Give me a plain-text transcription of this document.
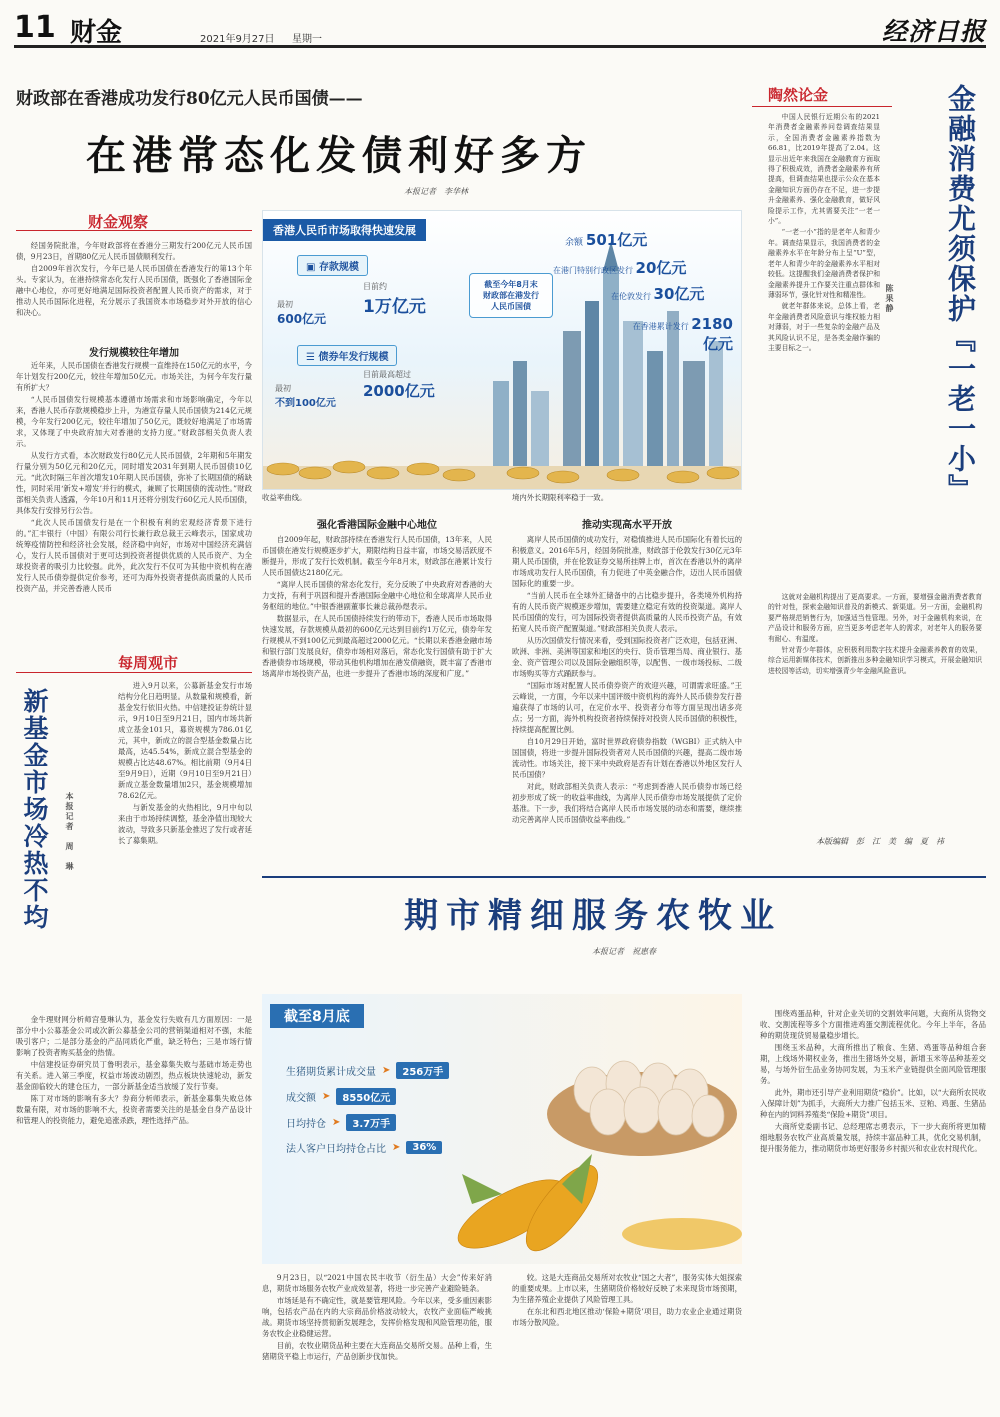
11 财金	2021年9月27日 星期一	经济日报
财政部在香港成功发行80亿元人民币国债——
在港常态化发债利好多方
本报记者　李华林
财金观察

经国务院批准，今年财政部将在香港分三期发行200亿元人民币国债，9月23日，首期80亿元人民币国债顺利发行。

自2009年首次发行，今年已是人民币国债在香港发行的第13个年头。专家认为，在港持续常态化发行人民币国债，既强化了香港国际金融中心地位，亦可更好地满足国际投资者配置人民币资产的需求，对于推动人民币国际化进程，充分展示了我国资本市场稳步对外开放的信心和决心。

发行规模较往年增加

近年来，人民币国债在香港发行规模一直维持在150亿元的水平，今年计划发行200亿元，较往年增加50亿元。市场关注，为何今年发行量有所扩大？

“人民币国债发行规模基本遵循市场需求和市场影响确定，今年以来，香港人民币存款规模稳步上升，为港宣存量人民币国债为214亿元规模，今年发行200亿元，较往年增加了50亿元，既较好地满足了市场需求，又体现了中央政府加大对香港的支持力度。”财政部相关负责人表示。

从发行方式看，本次财政发行80亿元人民币国债，2年期和5年期发行量分别为50亿元和20亿元，同时增发2031年到期人民币国债10亿元。“此次时隔三年首次增发10年期人民币国债，弥补了长期国债的稀缺性，同时采用‘新发+增发’并行的模式，兼顾了长期国债的流动性。”财政部相关负责人透露，今年10月和11月还将分别发行60亿元人民币国债，具体发行安排另行公告。

“此次人民币国债发行是在一个积极有利的宏观经济背景下进行的。”汇丰银行（中国）有限公司行长兼行政总裁王云峰表示，国家成功统筹疫情防控和经济社会发展，经济稳中向好，市场对中国经济充满信心，发行人民币国债对于更可达到投资者提供优质的人民币资产、为全球投资者的吸引力比较强。此外，此次发行不仅可为其他中资机构在港发行人民币债券提供定价参考，还可为海外投资者提供高质量的人民币投资产品，并完善香港人民币

香港人民币市场取得快速发展
▣ 存款规模
最初
600亿元
目前约
1万亿元
☰ 债券年发行规模
最初
不到100亿元
目前最高超过
2000亿元
截至今年8月末
财政部在港发行
人民币国债
余额 501亿元
在港门特别行政区发行 20亿元
在伦敦发行 30亿元
在香港累计发行 2180亿元
收益率曲线。	境内外长期限利率稳于一致。
强化香港国际金融中心地位

自2009年起，财政部持续在香港发行人民币国债，13年来，人民币国债在港发行规模逐步扩大，期限结构日益丰富，市场交易活跃度不断提升，形成了发行长效机制。截至今年8月末，财政部在港累计发行人民币国债达2180亿元。

“离岸人民币国债的常态化发行，充分反映了中央政府对香港的大力支持，有利于巩固和提升香港国际金融中心地位和全球离岸人民币业务枢纽的地位。”中银香港副董事长兼总裁孙煜表示。

数据显示，在人民币国债持续发行的带动下，香港人民币市场取得快速发展，存款规模从最初的600亿元达到目前约1万亿元，债券年发行规模从不到100亿元到最高超过2000亿元。“长期以来香港金融市场和银行部门发展良好，债券市场相对落后，常态化发行国债有助于扩大香港债券市场规模，带动其他机构增加在港发债融资，既丰富了香港市场离岸市场投资产品，也进一步提升了香港市场的深度和广度。”

推动实现高水平开放

离岸人民币国债的成功发行，对稳慎推进人民币国际化有着长远的积极意义。2016年5月，经国务院批准，财政部于伦敦发行30亿元3年期人民币国债，并在伦敦证券交易所挂牌上市，首次在香港以外的离岸市场成功发行人民币国债，有力促进了中英金融合作，迈出人民币国债国际化的重要一步。

“当前人民币在全球外汇储备中的占比稳步提升，各类境外机构持有的人民币资产规模逐步增加，需要建立稳定有效的投资渠道。离岸人民币国债的发行，可为国际投资者提供高质量的人民币投资产品，有效拓宽人民币资产配置渠道。”财政部相关负责人表示。

从历次国债发行情况来看，受到国际投资者广泛欢迎，包括亚洲、欧洲、非洲、美洲等国家和地区的央行、货币管理当局、商业银行、基金、资产管理公司以及国际金融组织等，以配售、一级市场投标、二级市场购买等方式踊跃参与。

“国际市场对配置人民币债券资产的欢迎兴趣，可谓需求旺盛。”王云峰说，一方面，今年以来中国评级中资机构的海外人民币债券发行普遍获得了市场的认可，在定价水平、投资者分布等方面呈现出诸多亮点；另一方面，海外机构投资者持续保持对投资人民币国债的积极性，持续提高配置比例。

自10月29日开始，富时世界政府债券指数（WGBI）正式纳入中国国债，将进一步提升国际投资者对人民币国债的兴趣，提高二级市场流动性。市场关注，接下来中央政府是否有计划在香港以外地区发行人民币国债？

对此，财政部相关负责人表示：“考虑到香港人民币债券市场已经初步形成了统一的收益率曲线，为离岸人民币债券市场发展提供了定价基准。下一步，我们将结合离岸人民币市场发展的动态和需要，继续推动完善离岸人民币国债收益率曲线。”

陶然论金	金融消费尤须保护『一老一小』
陈果静

中国人民银行近期公布的2021年消费者金融素养问卷调查结果显示，全国消费者金融素养指数为66.81，比2019年提高了2.04。这显示出近年来我国在金融教育方面取得了积极成效，消费者金融素养有所提高，但调查结果也提示公众在基本金融知识方面仍存在不足，进一步提升金融素养、强化金融教育，做好风险提示工作，尤其需要关注“一老一小”。

“一老一小”指的是老年人和青少年。调查结果显示，我国消费者的金融素养水平在年龄分布上呈“U”型，老年人和青少年的金融素养水平相对较低。这提醒我们金融消费者保护和金融素养提升工作要关注重点群体和薄弱环节，强化针对性和精准性。

就老年群体来说，总体上看，老年金融消费者风险意识与维权能力相对薄弱，对于一些复杂的金融产品及其风险认识不足，是各类金融诈骗的主要目标之一。

这就对金融机构提出了更高要求。一方面，要增强金融消费者教育的针对性，探索金融知识普及的新模式、新渠道。另一方面，金融机构要严格规范销售行为，加强适当性管理。另外，对于金融机构来说，在产品设计和服务方面，应当更多考虑老年人的需求，对老年人的服务要有耐心、有温度。

针对青少年群体，应积极利用数字技术提升金融素养教育的效果，综合运用新媒体技术，创新推出多种金融知识学习模式，开展金融知识进校园等活动，切实增强青少年金融风险意识。

本版编辑　彭　江　美　编　夏　祎
每周观市
新基金市场冷热不均 本报记者　周　琳

进入9月以来，公募新基金发行市场结构分化日趋明显。从数量和规模看，新基金发行依旧火热。中信建投证券统计显示，9月10日至9月21日，国内市场共新成立基金101只，募资规模为786.01亿元，其中，新成立的混合型基金数量占比最高，达45.54%，新成立混合型基金的规模占比达48.67%。相比前期（9月4日至9月9日），近期（9月10日至9月21日）新成立基金数量增加2只，基金规模增加78.62亿元。

与新发基金的火热相比，9月中旬以来由于市场持续调整，基金净值出现较大波动，导致多只新基金推迟了发行或者延长了募集期。

金牛理财网分析师宫曼琳认为，基金发行失败有几方面原因：一是部分中小公募基金公司或次新公募基金公司的营销渠道相对不强，未能吸引客户；二是部分基金的产品同质化严重，缺乏特色；三是市场行情影响了投资者购买基金的热情。

中信建投证券研究员丁鲁明表示，基金募集失败与基础市场走势也有关系。进入第三季度，权益市场波动剧烈，热点板块快速轮动，新发基金面临较大的建仓压力，一部分新基金适当放缓了发行节奏。

陈丁对市场的影响有多大？券商分析师表示，新基金募集失败总体数量有限，对市场的影响不大，投资者需要关注的是基金自身产品设计和管理人的投资能力，避免追涨杀跌，理性选择产品。

期市精细服务农牧业
本报记者　祝惠春
截至8月底
生猪期货累计成交量 ➤	256万手
成交额 ➤	8550亿元
日均持仓 ➤	3.7万手
法人客户日均持仓占比 ➤	36%

9月23日，以“2021中国农民丰收节（衍生品）大会”传来好消息，期货市场服务农牧产业成效显著，将进一步完善产业避险链条。

市场延是有不确定性，就是要管理风险。今年以来，受多重因素影响，包括农产品在内的大宗商品价格波动较大，农牧产业面临严峻挑战。期货市场坚持贯彻新发展理念，发挥价格发现和风险管理功能，服务农牧企业稳健运营。

目前，农牧业期货品种主要在大连商品交易所交易。品种上看，生猪期货平稳上市运行，产品创新步伐加快。

较。这是大连商品交易所对农牧业“国之大者”，服务实体大姐探索的重要成果。上市以来，生猪期货价格较好反映了未来现货市场预期，为生猪养殖企业提供了风险管理工具。

在东北和西北地区推动‘保险+期货’项目，助力农业企业通过期货市场分散风险。

围绕鸡蛋品种，针对企业关切的交割效率问题，大商所从货物交收、交割流程等多个方面推进鸡蛋交割流程优化。今年上半年，各品种的期货现货贸易量稳步增长。

围绕玉米品种，大商所推出了粮食、生猪、鸡蛋等品种组合套期，上线场外期权业务，推出生猪场外交易，新增玉米等品种基差交易，与场外衍生品业务协同发展，为玉米产业链提供全面风险管理服务。

此外，期市还引导产业利用期货“稳价”。比如，以“大商所农民收入保障计划”为抓手，大商所大力推广包括玉米、豆粕、鸡蛋、生猪品种在内的饲料养殖类“保险+期货”项目。

大商所党委副书记、总经理席志勇表示，下一步大商所将更加精细地服务农牧产业高质量发展，持续丰富品种工具，优化交易机制，提升服务能力，推动期货市场更好服务乡村振兴和农业农村现代化。
